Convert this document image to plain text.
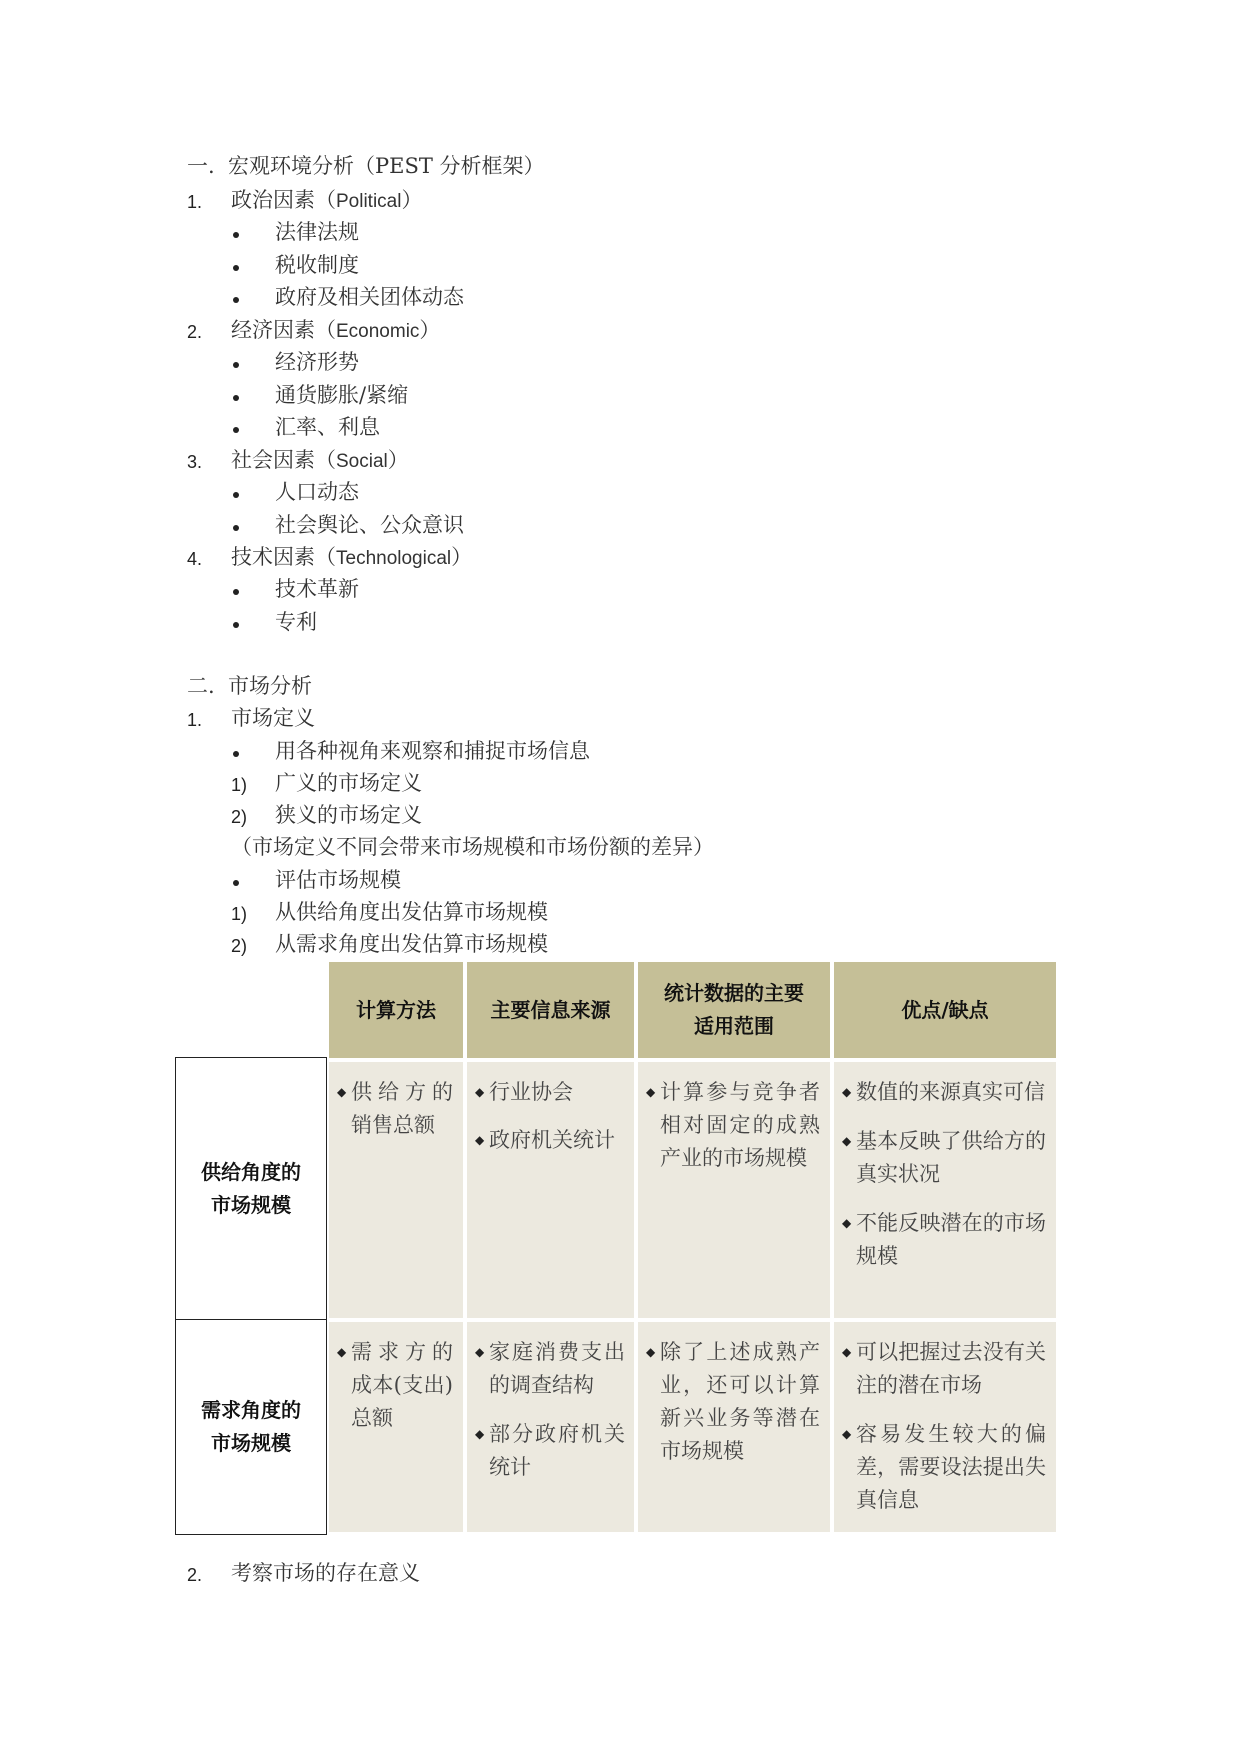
一.  宏观环境分析（PEST 分析框架）
1. 政治因素（Political）
法律法规
税收制度
政府及相关团体动态
2. 经济因素（Economic）
经济形势
通货膨胀/紧缩
汇率、利息
3. 社会因素（Social）
人口动态
社会舆论、公众意识
4. 技术因素（Technological）
技术革新
专利
二.  市场分析
1. 市场定义
用各种视角来观察和捕捉市场信息
1) 广义的市场定义
2) 狭义的市场定义
（市场定义不同会带来市场规模和市场份额的差异）
评估市场规模
1) 从供给角度出发估算市场规模
2) 从需求角度出发估算市场规模
计算方法	主要信息来源
统计数据的主要适用范围
优点/缺点
供给角度的市场规模
◆ 供给方的销售总额
◆ 行业协会
◆ 政府机关统计
◆ 计算参与竞争者相对固定的成熟产业的市场规模
◆ 数值的来源真实可信
◆ 基本反映了供给方的真实状况
◆ 不能反映潜在的市场规模
需求角度的市场规模
◆ 需求方的成本(支出)总额
◆ 家庭消费支出的调查结构
◆ 部分政府机关统计
◆ 除了上述成熟产业，还可以计算新兴业务等潜在市场规模
◆ 可以把握过去没有关注的潜在市场
◆ 容易发生较大的偏差，需要设法提出失真信息
2. 考察市场的存在意义
